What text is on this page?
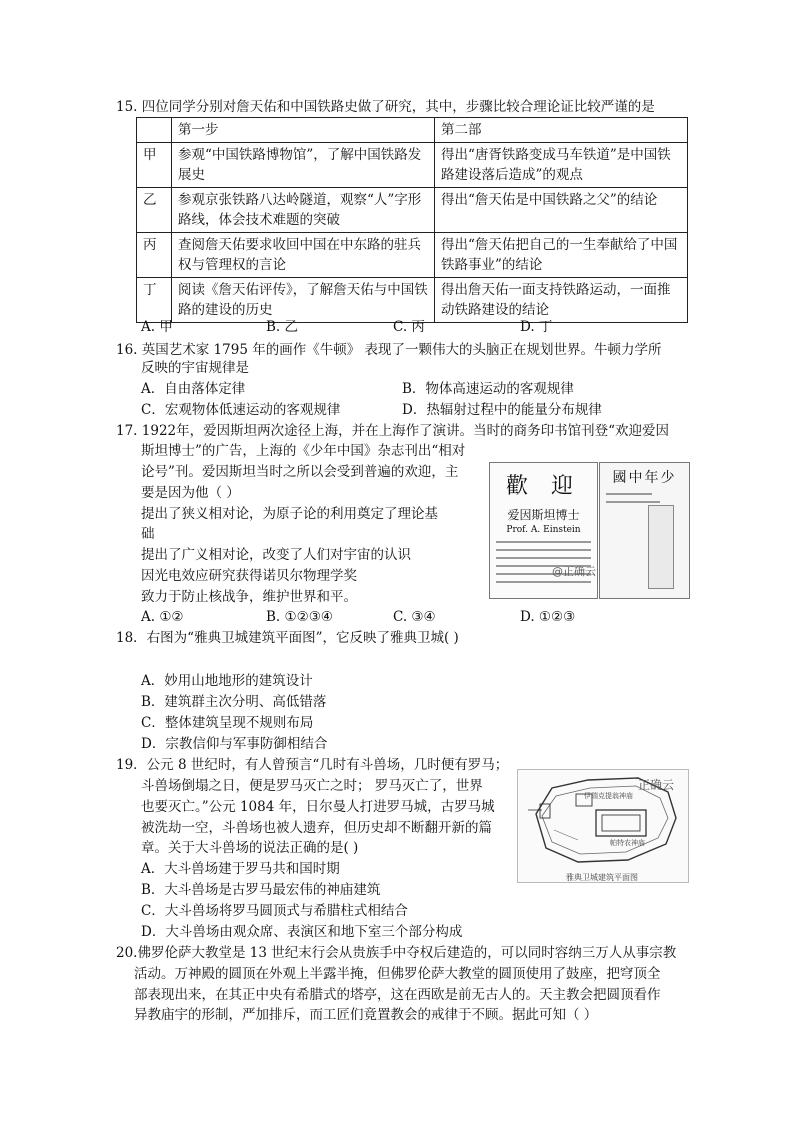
15. 四位同学分别对詹天佑和中国铁路史做了研究，其中，步骤比较合理论证比较严谨的是
	第一步	第二部
甲	参观“中国铁路博物馆”，了解中国铁路发展史	得出“唐胥铁路变成马车铁道”是中国铁路建设落后造成”的观点
乙	参观京张铁路八达岭隧道，观察“人”字形路线，体会技术难题的突破	得出“詹天佑是中国铁路之父”的结论
丙	查阅詹天佑要求收回中国在中东路的驻兵权与管理权的言论	得出“詹天佑把自己的一生奉献给了中国铁路事业”的结论
丁	阅读《詹天佑评传》，了解詹天佑与中国铁路的建设的历史	得出詹天佑一面支持铁路运动，一面推动铁路建设的结论
A. 甲	B. 乙	C. 丙	D. 丁
16. 英国艺术家 1795 年的画作《牛顿》 表现了一颗伟大的头脑正在规划世界。牛顿力学所
反映的宇宙规律是
A．自由落体定律	B．物体高速运动的客观规律
C．宏观物体低速运动的客观规律	D．热辐射过程中的能量分布规律
17. 1922年，爱因斯坦两次途径上海，并在上海作了演讲。当时的商务印书馆刊登“欢迎爱因
斯坦博士”的广告，上海的《少年中国》杂志刊出“相对
论号”刊。爱因斯坦当时之所以会受到普遍的欢迎，主
要是因为他（ ）
提出了狭义相对论，为原子论的利用奠定了理论基
础
提出了广义相对论，改变了人们对宇宙的认识
因光电效应研究获得诺贝尔物理学奖
致力于防止核战争，维护世界和平。
A. ①②	B. ①②③④	C. ③④	D. ①②③
歡 迎
爱因斯坦博士
Prof. A. Einstein
@正确云
國中年少
18．右图为“雅典卫城建筑平面图”，它反映了雅典卫城( )
A．妙用山地地形的建筑设计
B．建筑群主次分明、高低错落
C．整体建筑呈现不规则布局
D．宗教信仰与军事防御相结合
19．公元 8 世纪时，有人曾预言“几时有斗兽场，几时便有罗马；
斗兽场倒塌之日，便是罗马灭亡之时； 罗马灭亡了，世界
也要灭亡。”公元 1084 年，日尔曼人打进罗马城，古罗马城
被洗劫一空，斗兽场也被人遗弃，但历史却不断翻开新的篇
章。关于大斗兽场的说法正确的是( )
A．大斗兽场建于罗马共和国时期
B．大斗兽场是古罗马最宏伟的神庙建筑
C．大斗兽场将罗马圆顶式与希腊柱式相结合
D．大斗兽场由观众席、表演区和地下室三个部分构成
正确云
伊瑞克提翁神庙
帕特农神庙
雅典卫城建筑平面图
20.佛罗伦萨大教堂是 13 世纪末行会从贵族手中夺权后建造的，可以同时容纳三万人从事宗教
活动。万神殿的圆顶在外观上半露半掩，但佛罗伦萨大教堂的圆顶使用了鼓座，把穹顶全
部表现出来，在其正中央有希腊式的塔亭，这在西欧是前无古人的。天主教会把圆顶看作
异教庙宇的形制，严加排斥，而工匠们竟置教会的戒律于不顾。据此可知（ ）
